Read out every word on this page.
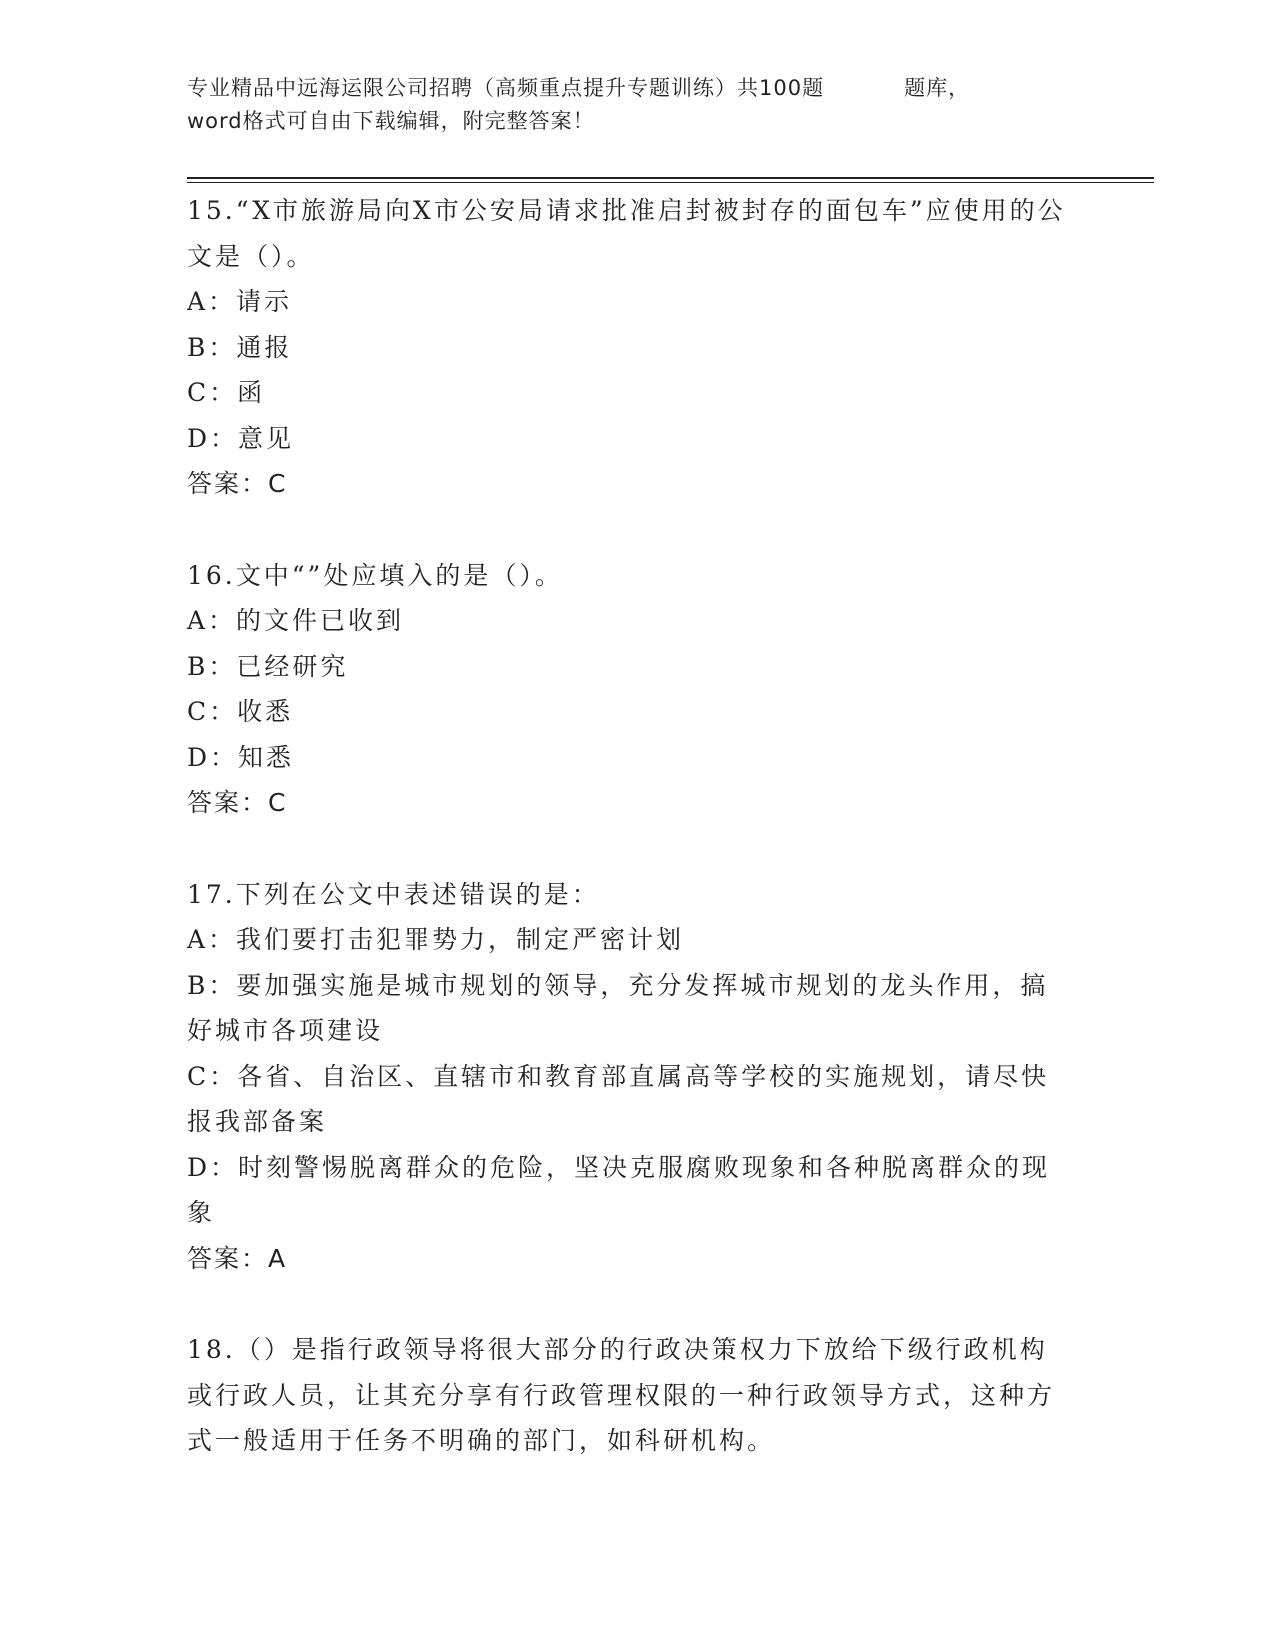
专业精品中远海运限公司招聘（高频重点提升专题训练）共100题	题库，
word格式可自由下载编辑，附完整答案！
15.“X市旅游局向X市公安局请求批准启封被封存的面包车”应使用的公文是（）。
A：请示
B：通报
C：函
D：意见
答案：C
16.文中“”处应填入的是（）。
A：的文件已收到
B：已经研究
C：收悉
D：知悉
答案：C
17.下列在公文中表述错误的是：
A：我们要打击犯罪势力，制定严密计划
B：要加强实施是城市规划的领导，充分发挥城市规划的龙头作用，搞好城市各项建设
C：各省、自治区、直辖市和教育部直属高等学校的实施规划，请尽快报我部备案
D：时刻警惕脱离群众的危险，坚决克服腐败现象和各种脱离群众的现象
答案：A
18.（）是指行政领导将很大部分的行政决策权力下放给下级行政机构或行政人员，让其充分享有行政管理权限的一种行政领导方式，这种方式一般适用于任务不明确的部门，如科研机构。
